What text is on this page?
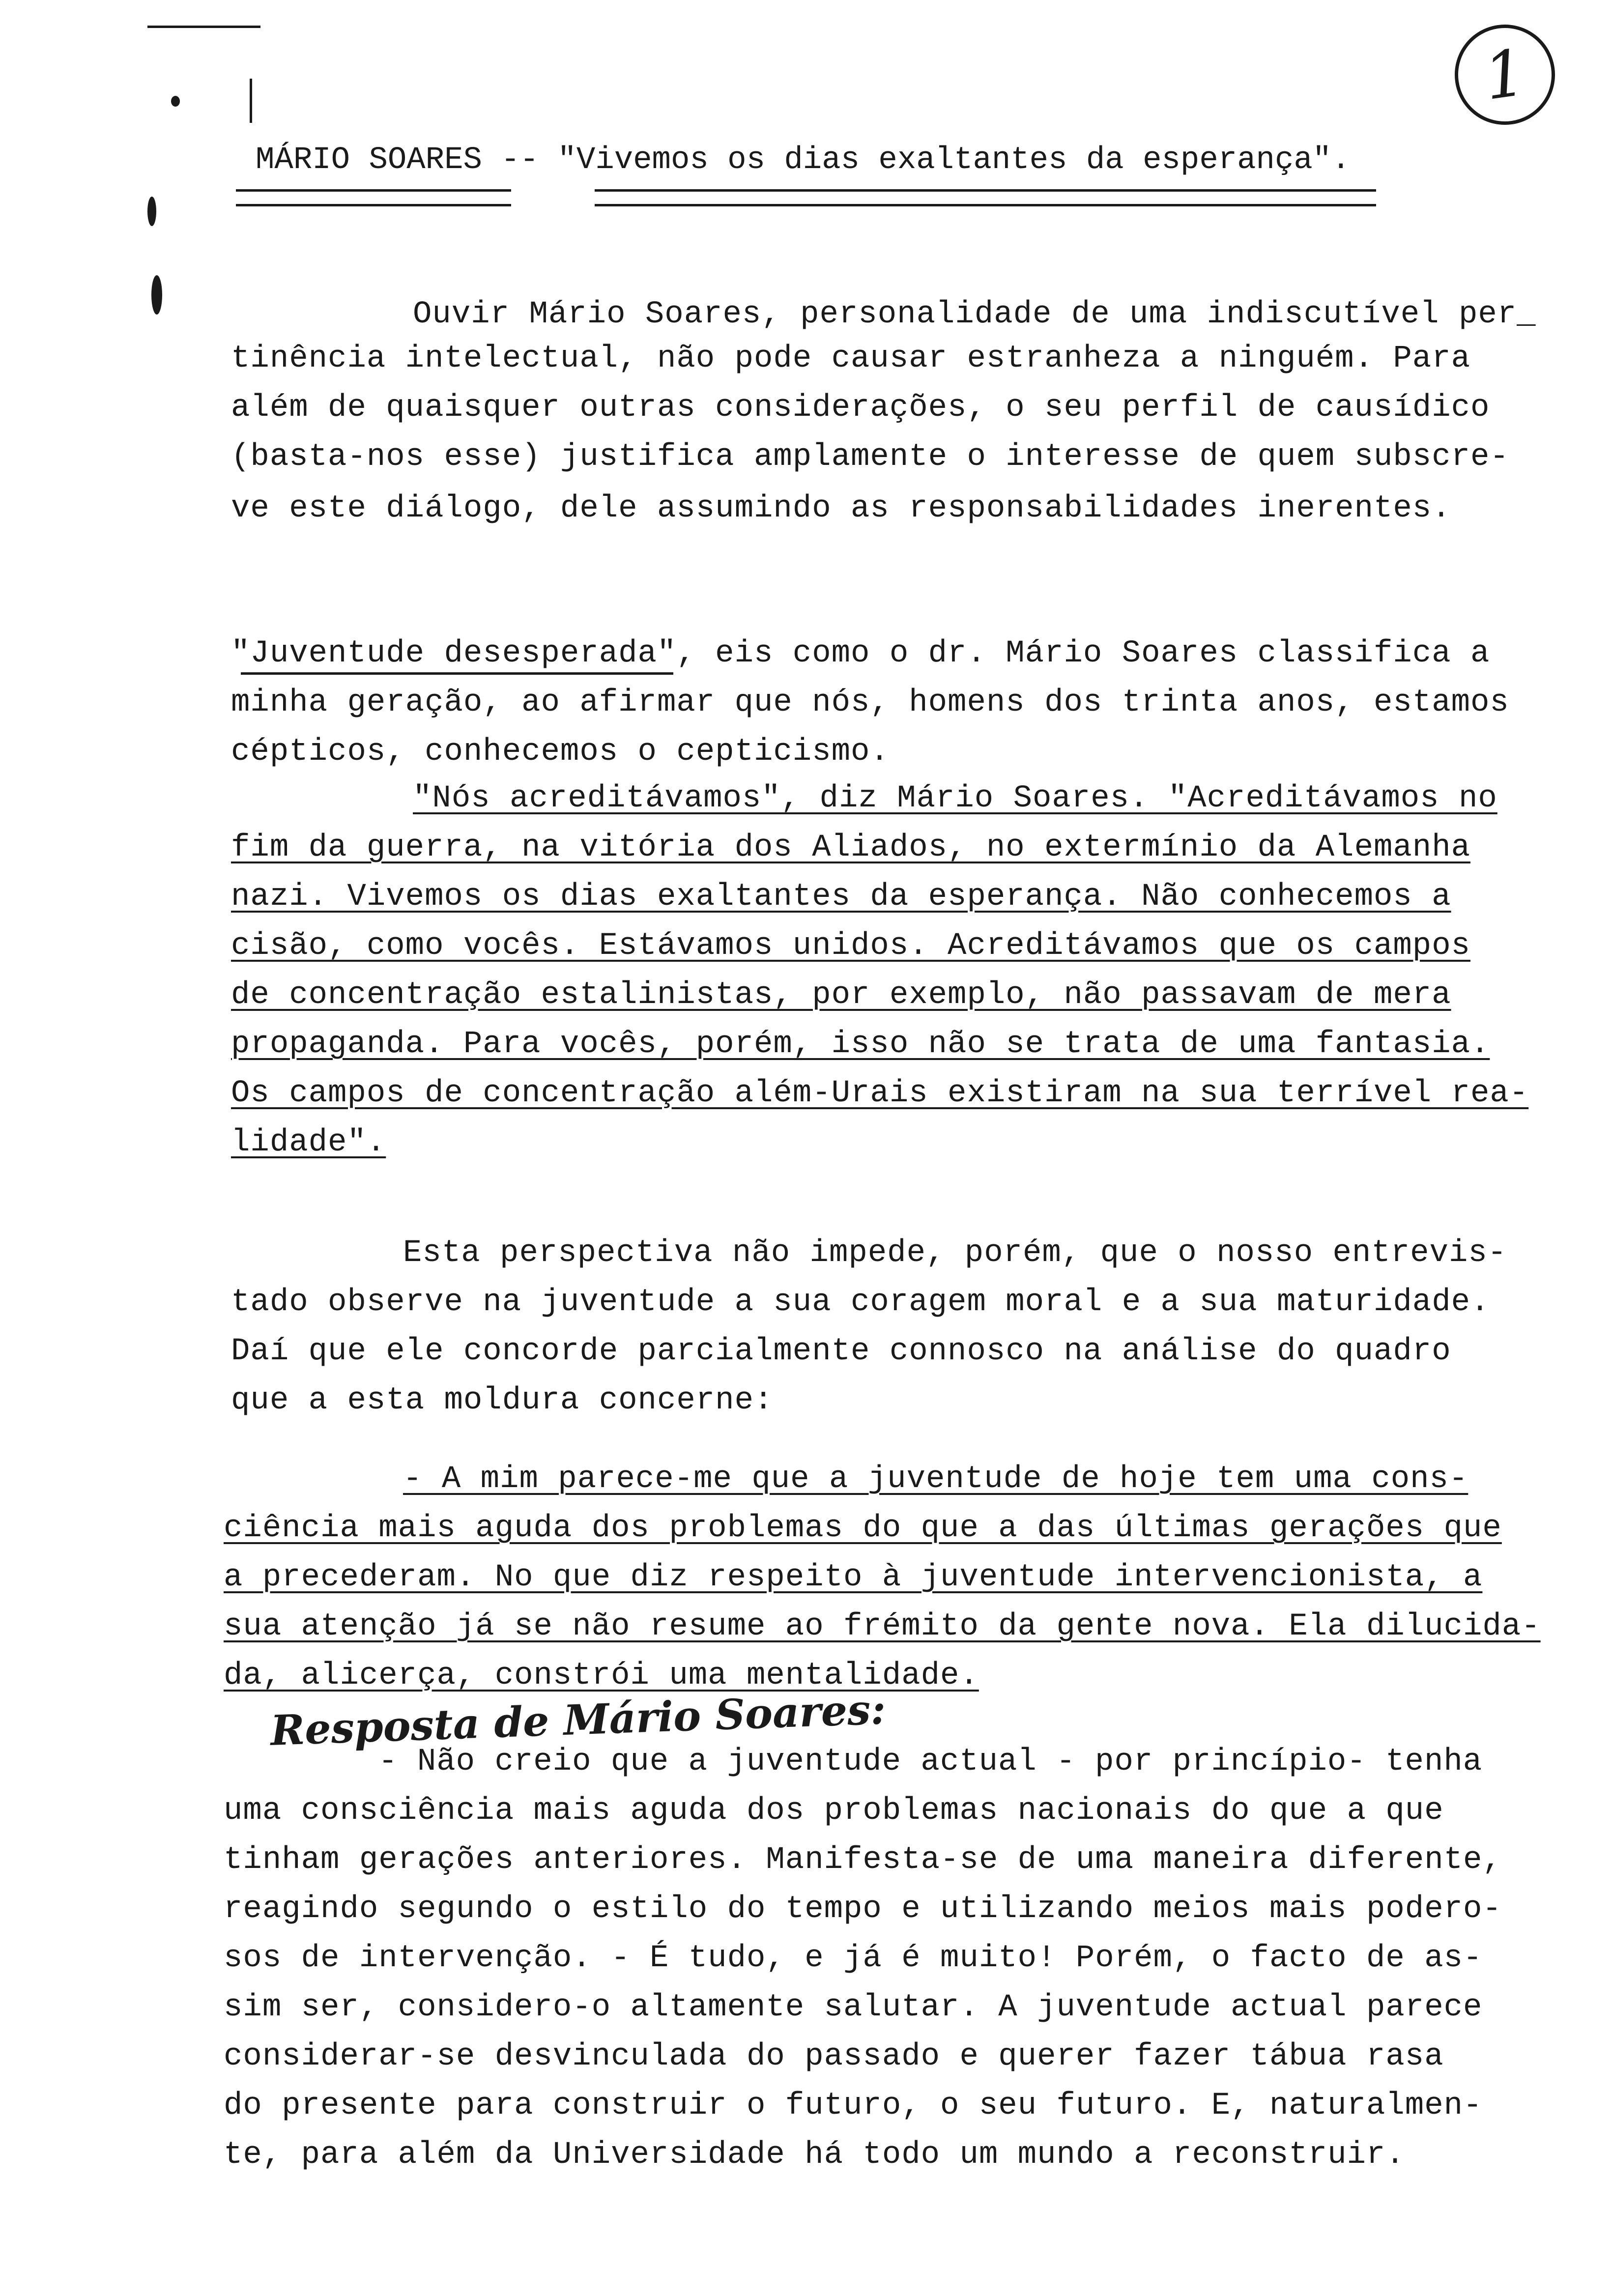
1
MÁRIO SOARES -- "Vivemos os dias exaltantes da esperança".
Ouvir Mário Soares, personalidade de uma indiscutível per_
tinência intelectual, não pode causar estranheza a ninguém. Para
além de quaisquer outras considerações, o seu perfil de causídico
(basta-nos esse) justifica amplamente o interesse de quem subscre-
ve este diálogo, dele assumindo as responsabilidades inerentes.
"Juventude desesperada", eis como o dr. Mário Soares classifica a
minha geração, ao afirmar que nós, homens dos trinta anos, estamos
cépticos, conhecemos o cepticismo.
"Nós acreditávamos", diz Mário Soares. "Acreditávamos no
fim da guerra, na vitória dos Aliados, no extermínio da Alemanha
nazi. Vivemos os dias exaltantes da esperança. Não conhecemos a
cisão, como vocês. Estávamos unidos. Acreditávamos que os campos
de concentração estalinistas, por exemplo, não passavam de mera
propaganda. Para vocês, porém, isso não se trata de uma fantasia.
Os campos de concentração além-Urais existiram na sua terrível rea-
lidade".
Esta perspectiva não impede, porém, que o nosso entrevis-
tado observe na juventude a sua coragem moral e a sua maturidade.
Daí que ele concorde parcialmente connosco na análise do quadro
que a esta moldura concerne:
- A mim parece-me que a juventude de hoje tem uma cons-
ciência mais aguda dos problemas do que a das últimas gerações que
a precederam. No que diz respeito à juventude intervencionista, a
sua atenção já se não resume ao frémito da gente nova. Ela dilucida-
da, alicerça, constrói uma mentalidade.
Resposta de Mário Soares:
- Não creio que a juventude actual - por princípio- tenha
uma consciência mais aguda dos problemas nacionais do que a que
tinham gerações anteriores. Manifesta-se de uma maneira diferente,
reagindo segundo o estilo do tempo e utilizando meios mais podero-
sos de intervenção. - É tudo, e já é muito! Porém, o facto de as-
sim ser, considero-o altamente salutar. A juventude actual parece
considerar-se desvinculada do passado e querer fazer tábua rasa
do presente para construir o futuro, o seu futuro. E, naturalmen-
te, para além da Universidade há todo um mundo a reconstruir.
